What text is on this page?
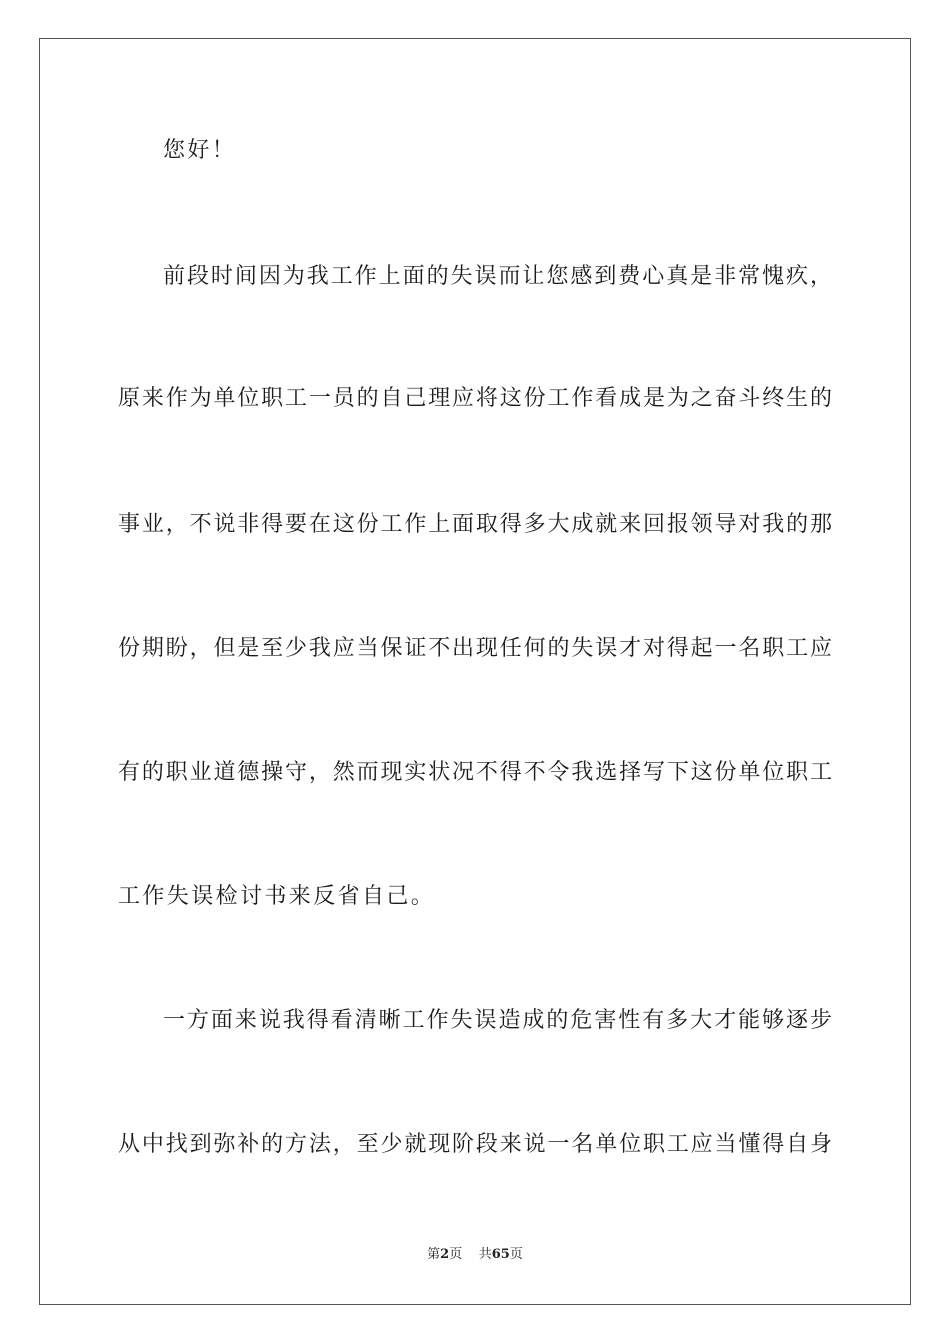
您好！
前段时间因为我工作上面的失误而让您感到费心真是非常愧疚，
原来作为单位职工一员的自己理应将这份工作看成是为之奋斗终生的
事业，不说非得要在这份工作上面取得多大成就来回报领导对我的那
份期盼，但是至少我应当保证不出现任何的失误才对得起一名职工应
有的职业道德操守，然而现实状况不得不令我选择写下这份单位职工
工作失误检讨书来反省自己。
一方面来说我得看清晰工作失误造成的危害性有多大才能够逐步
从中找到弥补的方法，至少就现阶段来说一名单位职工应当懂得自身
第2页 共65页
